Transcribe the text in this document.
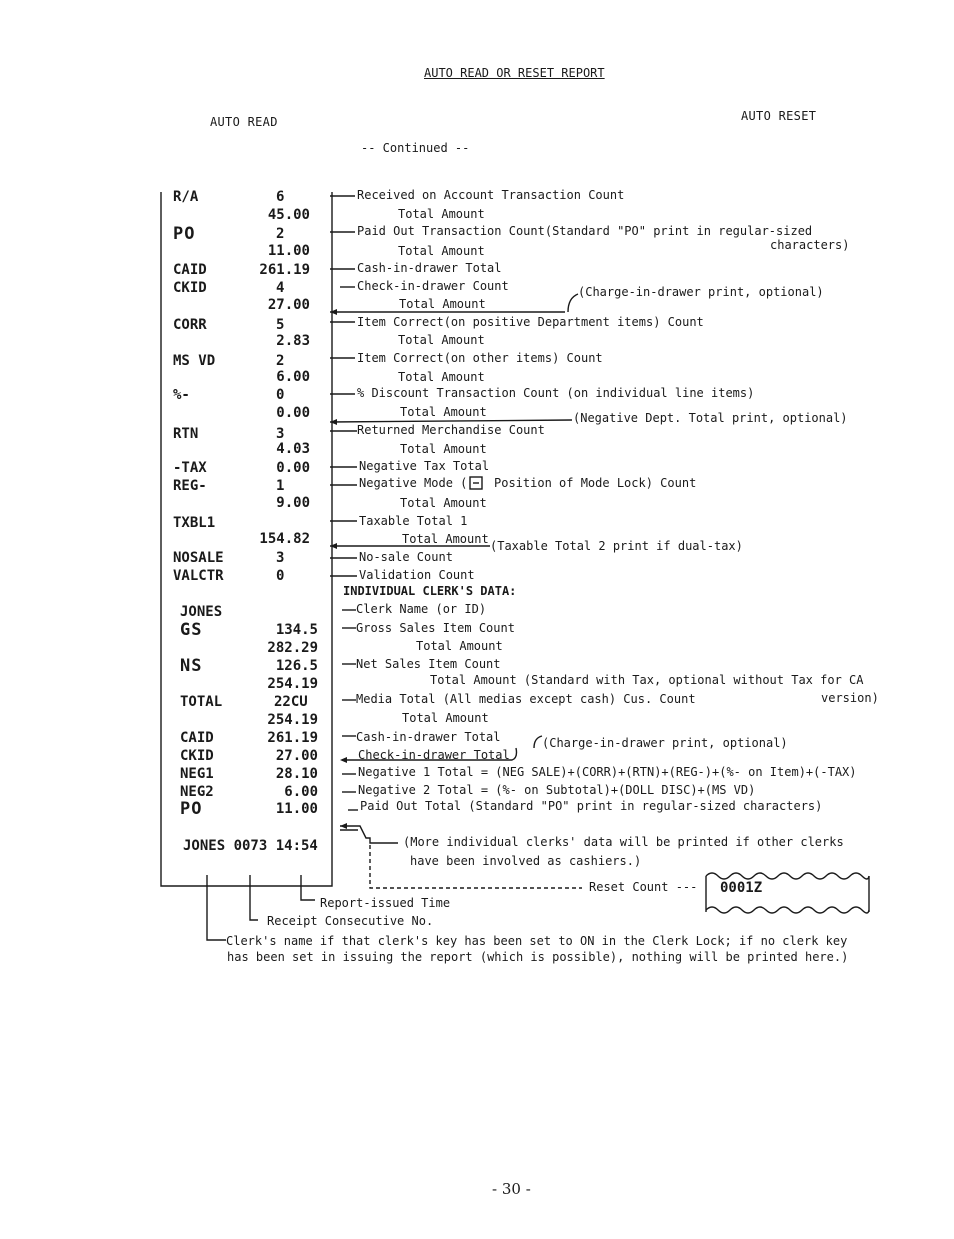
AUTO READ OR RESET REPORT
AUTO READ	AUTO RESET
-- Continued --
R/A	6
45.00
PO	2
11.00
CAID	261.19
CKID	4
27.00
CORR	5
2.83
MS VD	2
6.00
%-	0
0.00
RTN	3
4.03
-TAX	0.00
REG-	1
9.00
TXBL1
154.82
NOSALE	3
VALCTR	0
JONES
GS	134.5
282.29
NS	126.5
254.19
TOTAL	22CU
254.19
CAID	261.19
CKID	27.00
NEG1	28.10
NEG2	6.00
PO	11.00
JONES 0073 14:54
Received on Account Transaction Count
Total Amount
Paid Out Transaction Count(Standard "PO" print in regular-sized
characters)
Total Amount
Cash-in-drawer Total
Check-in-drawer Count	(Charge-in-drawer print, optional)
Total Amount
Item Correct(on positive Department items) Count
Total Amount
Item Correct(on other items) Count
Total Amount
% Discount Transaction Count (on individual line items)
Total Amount	(Negative Dept. Total print, optional)
Returned Merchandise Count
Total Amount
Negative Tax Total
Negative Mode ( Position of Mode Lock) Count
Total Amount
Taxable Total 1
Total Amount (Taxable Total 2 print if dual-tax)
No-sale Count
Validation Count
INDIVIDUAL CLERK'S DATA:
Clerk Name (or ID)
Gross Sales Item Count
Total Amount
Net Sales Item Count
Total Amount (Standard with Tax, optional without Tax for CA
Media Total (All medias except cash) Cus. Count	version)
Total Amount
Cash-in-drawer Total	(Charge-in-drawer print, optional)
Check-in-drawer Total
Negative 1 Total = (NEG SALE)+(CORR)+(RTN)+(REG-)+(%- on Item)+(-TAX)
Negative 2 Total = (%- on Subtotal)+(DOLL DISC)+(MS VD)
Paid Out Total (Standard "PO" print in regular-sized characters)
(More individual clerks' data will be printed if other clerks
have been involved as cashiers.)
Reset Count ---
Report-issued Time
Receipt Consecutive No.
Clerk's name if that clerk's key has been set to ON in the Clerk Lock; if no clerk key
has been set in issuing the report (which is possible), nothing will be printed here.)
0001Z
- 30 -
